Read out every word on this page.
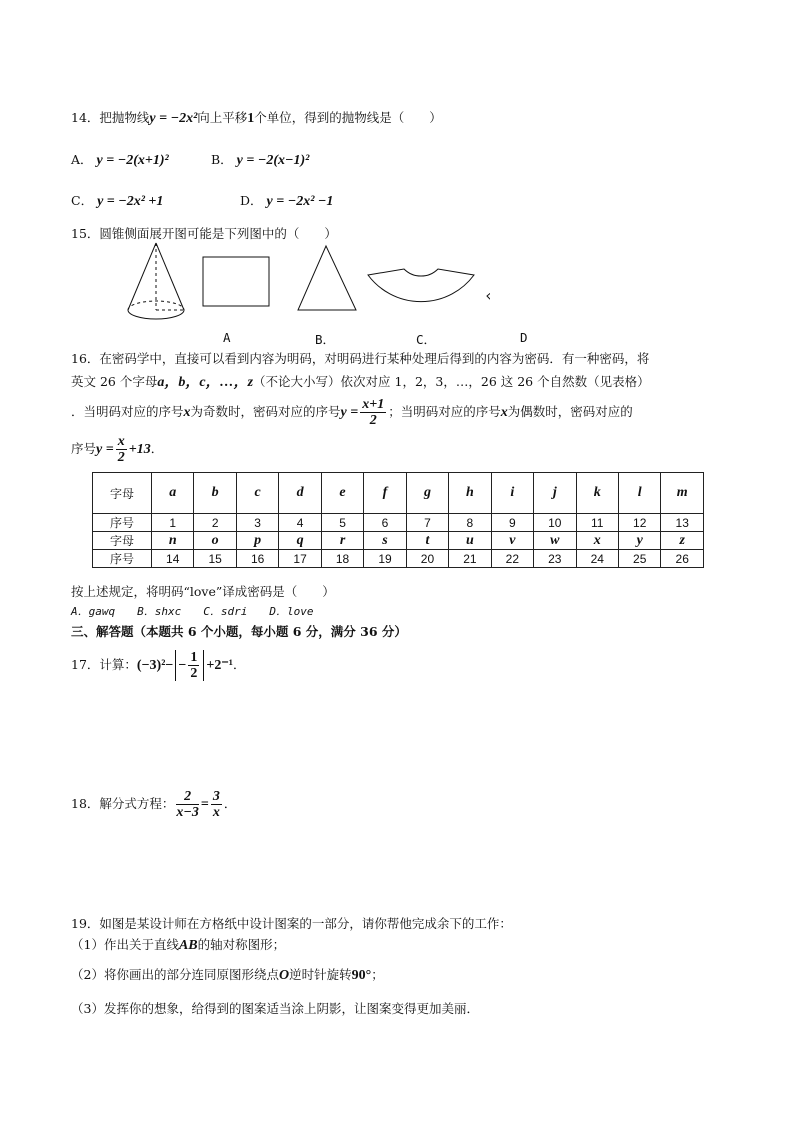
14．把抛物线y = −2x²向上平移1个单位，得到的抛物线是（　　）
A． y = −2(x+1)²	B． y = −2(x−1)²
C． y = −2x² +1	D． y = −2x² −1
15．圆锥侧面展开图可能是下列图中的（　　）
A	B．	C．	D
16．在密码学中，直接可以看到内容为明码，对明码进行某种处理后得到的内容为密码．有一种密码，将
英文 26 个字母a，b，c，…，z（不论大小写）依次对应 1，2，3，…，26 这 26 个自然数（见表格）
．当明码对应的序号x为奇数时，密码对应的序号$y = \frac{x+1}{2}$ ；当明码对应的序号x为偶数时，密码对应的
序号$y = \frac{x}{2} +13$．
字母	a	b	c	d	e	f	g	h	i	j	k	l	m
序号	1	2	3	4	5	6	7	8	9	10	11	12	13
字母	n	o	p	q	r	s	t	u	v	w	x	y	z
序号	14	15	16	17	18	19	20	21	22	23	24	25	26
按上述规定，将明码“love”译成密码是（　　）
A．gawq　　B．shxc　　C．sdri　　D．love
三、解答题（本题共 6 个小题，每小题 6 分，满分 36 分）
17．计算：$(-3)^2- - \frac{1}{2} +2^{-1}$．
18．解分式方程： $\frac{2}{x-3} = \frac{3}{x}$ ．
19．如图是某设计师在方格纸中设计图案的一部分，请你帮他完成余下的工作：
（1）作出关于直线AB的轴对称图形；
（2）将你画出的部分连同原图形绕点O逆时针旋转90°；
（3）发挥你的想象，给得到的图案适当涂上阴影，让图案变得更加美丽．
